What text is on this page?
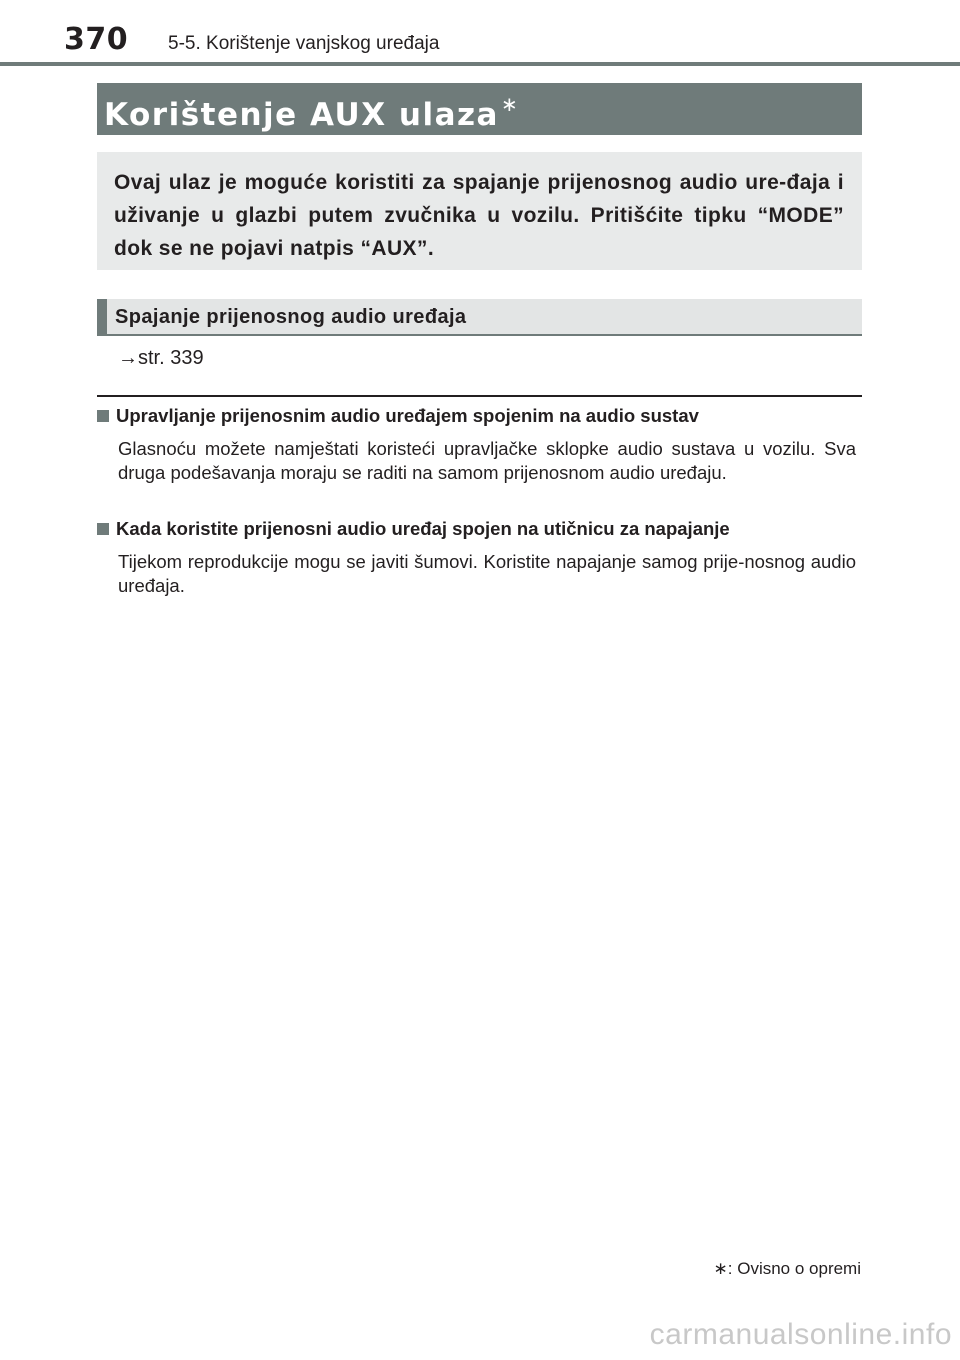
370 5-5. Korištenje vanjskog uređaja
Korištenje AUX ulaza ∗
Ovaj ulaz je moguće koristiti za spajanje prijenosnog audio ure-đaja i uživanje u glazbi putem zvučnika u vozilu. Pritišćite tipku “MODE” dok se ne pojavi natpis “AUX”.
Spajanje prijenosnog audio uređaja
→str. 339
Upravljanje prijenosnim audio uređajem spojenim na audio sustav
Glasnoću možete namještati koristeći upravljačke sklopke audio sustava u vozilu. Sva druga podešavanja moraju se raditi na samom prijenosnom audio uređaju.
Kada koristite prijenosni audio uređaj spojen na utičnicu za napajanje
Tijekom reprodukcije mogu se javiti šumovi. Koristite napajanje samog prije-nosnog audio uređaja.
∗: Ovisno o opremi
carmanualsonline.info
